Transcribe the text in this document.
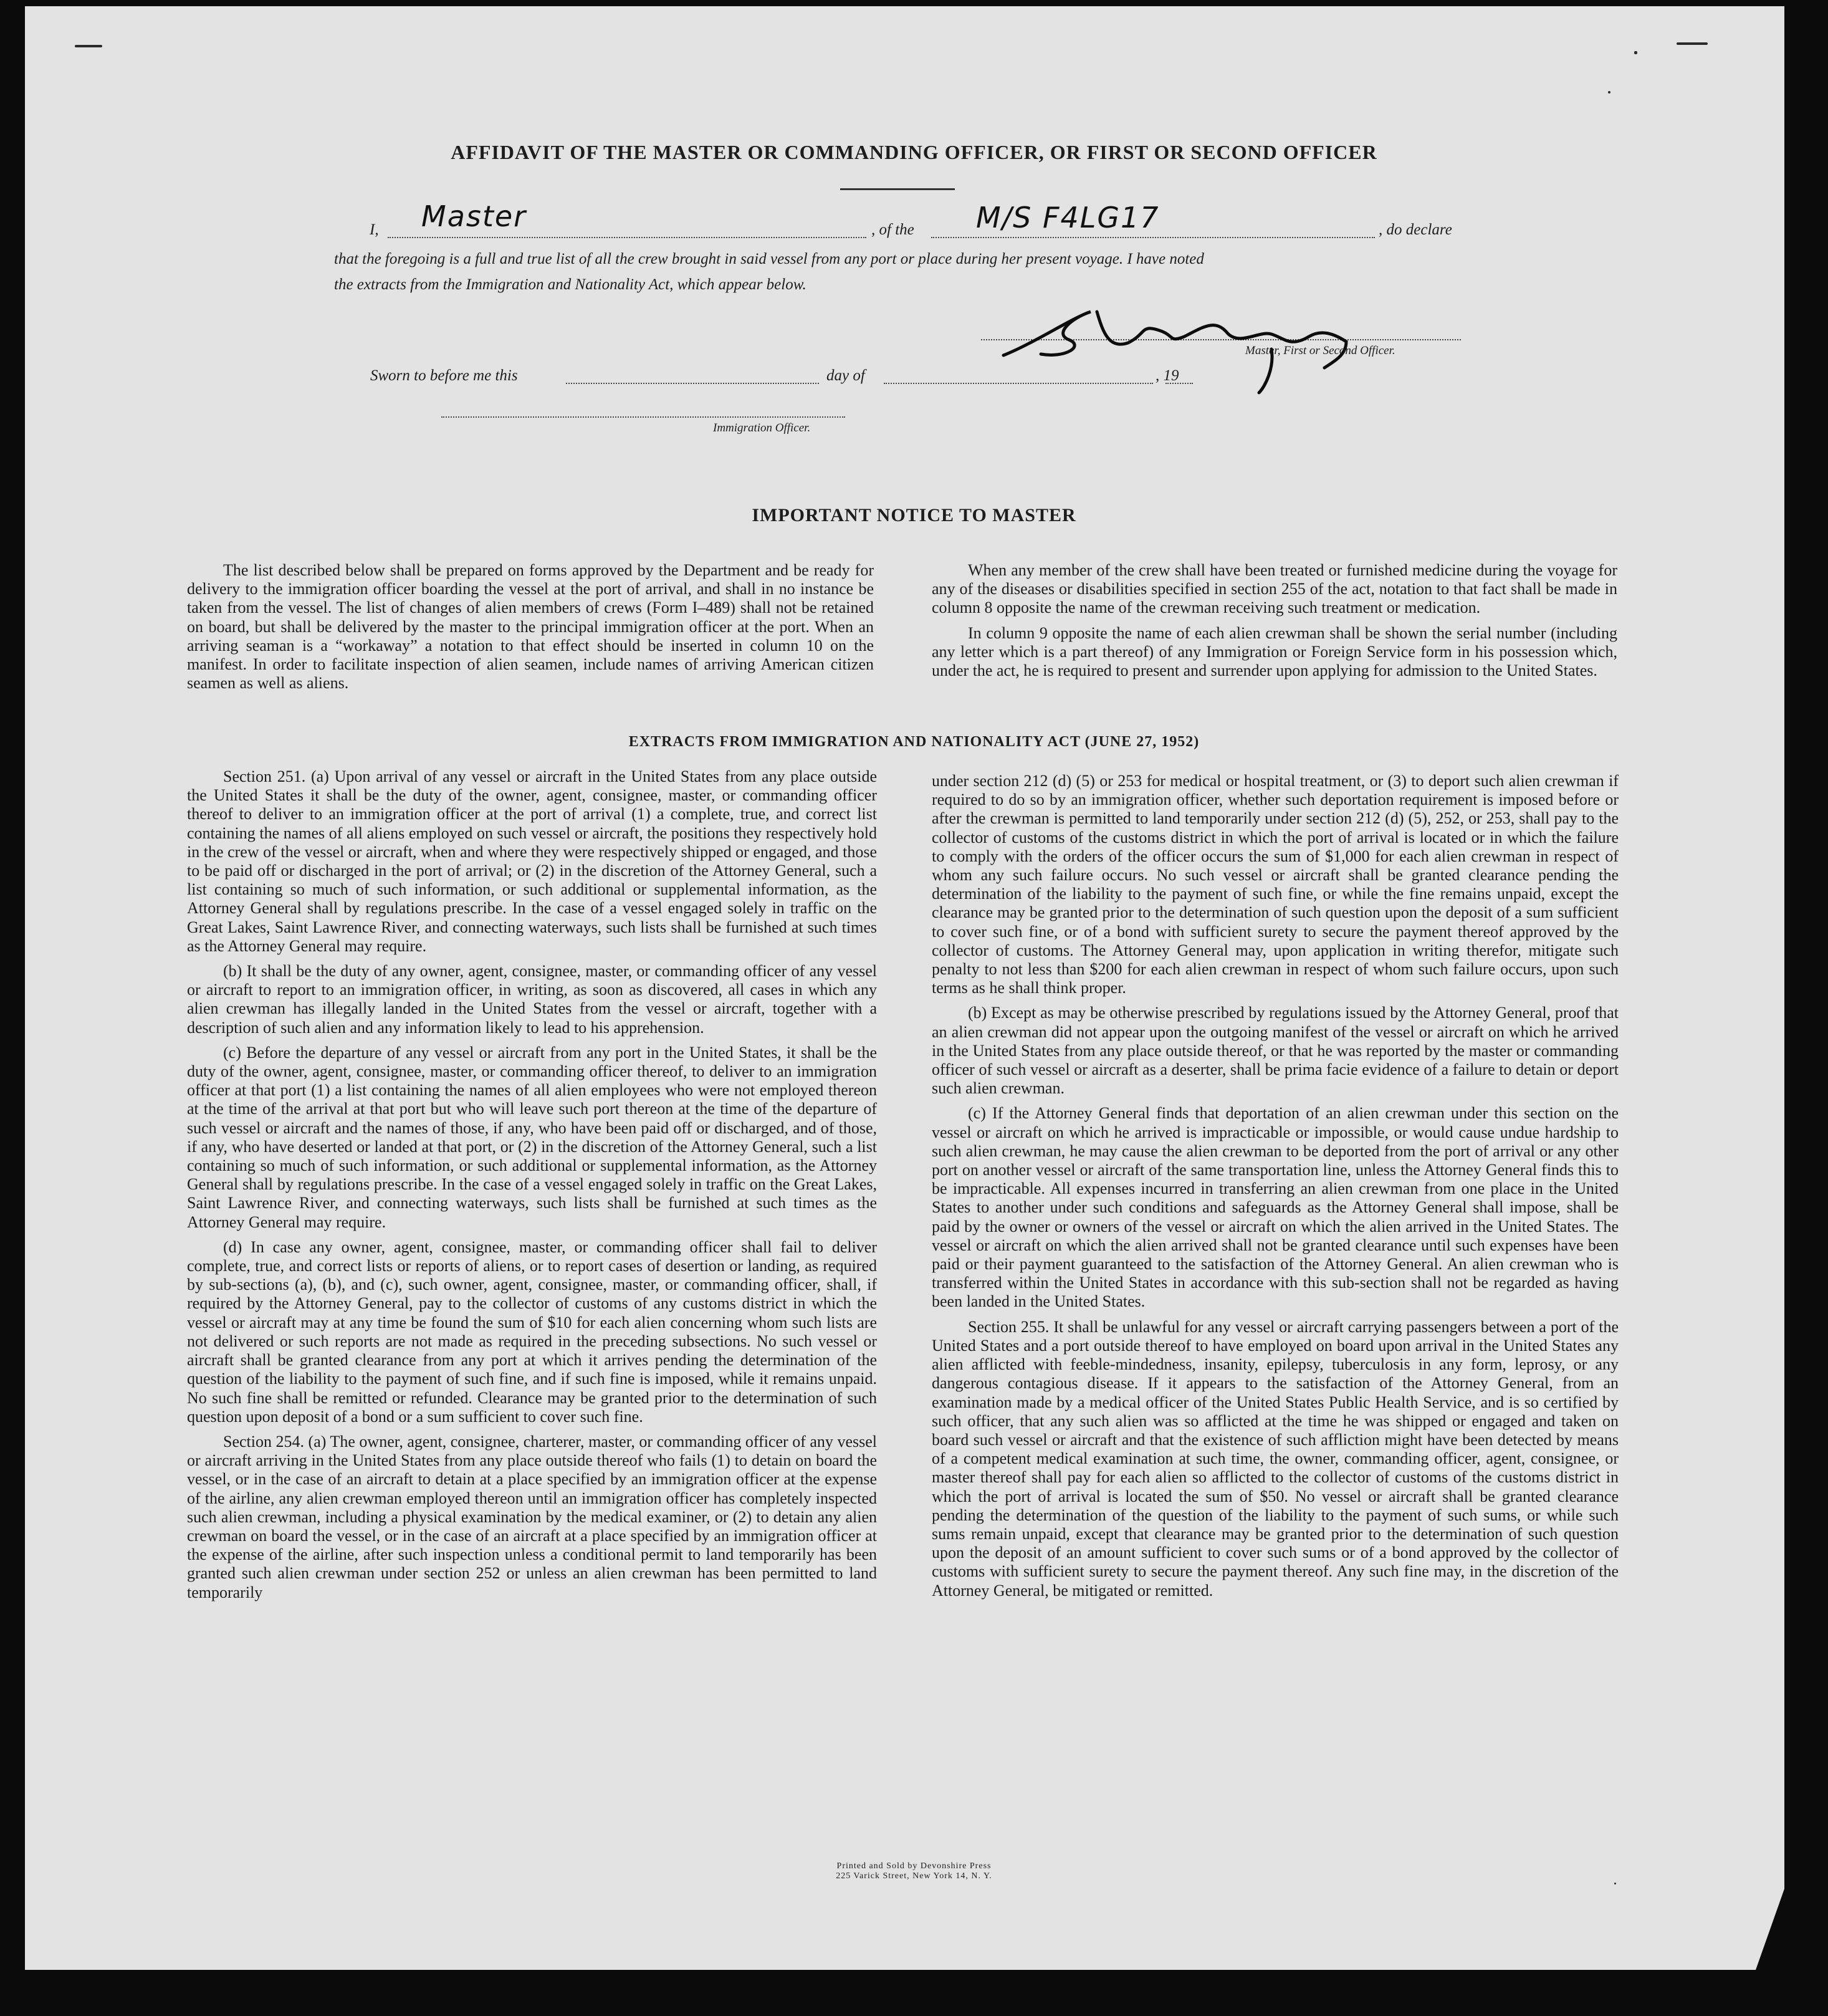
AFFIDAVIT OF THE MASTER OR COMMANDING OFFICER, OR FIRST OR SECOND OFFICER
I, Master	, of the M/S F4LG17	, do declare
that the foregoing is a full and true list of all the crew brought in said vessel from any port or place during her present voyage. I have noted
the extracts from the Immigration and Nationality Act, which appear below.
Master, First or Second Officer.
Sworn to before me this	day of	, 19
Immigration Officer.
IMPORTANT NOTICE TO MASTER

The list described below shall be prepared on forms approved by the Department and be ready for delivery to the immigration officer boarding the vessel at the port of arrival, and shall in no instance be taken from the vessel. The list of changes of alien members of crews (Form I–489) shall not be retained on board, but shall be delivered by the master to the principal immigration officer at the port. When an arriving seaman is a “workaway” a notation to that effect should be inserted in column 10 on the manifest. In order to facilitate inspection of alien seamen, include names of arriving American citizen seamen as well as aliens.

When any member of the crew shall have been treated or furnished medicine during the voyage for any of the diseases or disabilities specified in section 255 of the act, notation to that fact shall be made in column 8 opposite the name of the crewman receiving such treatment or medication.

In column 9 opposite the name of each alien crewman shall be shown the serial number (including any letter which is a part thereof) of any Immigration or Foreign Service form in his possession which, under the act, he is required to present and surrender upon applying for admission to the United States.

EXTRACTS FROM IMMIGRATION AND NATIONALITY ACT (JUNE 27, 1952)

Section 251. (a) Upon arrival of any vessel or aircraft in the United States from any place outside the United States it shall be the duty of the owner, agent, consignee, master, or commanding officer thereof to deliver to an immigration officer at the port of arrival (1) a complete, true, and correct list containing the names of all aliens employed on such vessel or aircraft, the positions they respectively hold in the crew of the vessel or aircraft, when and where they were respectively shipped or engaged, and those to be paid off or discharged in the port of arrival; or (2) in the discretion of the Attorney General, such a list containing so much of such information, or such additional or supplemental information, as the Attorney General shall by regulations prescribe. In the case of a vessel engaged solely in traffic on the Great Lakes, Saint Lawrence River, and connecting waterways, such lists shall be furnished at such times as the Attorney General may require.

(b) It shall be the duty of any owner, agent, consignee, master, or commanding officer of any vessel or aircraft to report to an immigration officer, in writing, as soon as discovered, all cases in which any alien crewman has illegally landed in the United States from the vessel or aircraft, together with a description of such alien and any information likely to lead to his apprehension.

(c) Before the departure of any vessel or aircraft from any port in the United States, it shall be the duty of the owner, agent, consignee, master, or commanding officer thereof, to deliver to an immigration officer at that port (1) a list containing the names of all alien employees who were not employed thereon at the time of the arrival at that port but who will leave such port thereon at the time of the departure of such vessel or aircraft and the names of those, if any, who have been paid off or discharged, and of those, if any, who have deserted or landed at that port, or (2) in the discretion of the Attorney General, such a list containing so much of such information, or such additional or supplemental information, as the Attorney General shall by regulations prescribe. In the case of a vessel engaged solely in traffic on the Great Lakes, Saint Lawrence River, and connecting waterways, such lists shall be furnished at such times as the Attorney General may require.

(d) In case any owner, agent, consignee, master, or commanding officer shall fail to deliver complete, true, and correct lists or reports of aliens, or to report cases of desertion or landing, as required by sub-sections (a), (b), and (c), such owner, agent, consignee, master, or commanding officer, shall, if required by the Attorney General, pay to the collector of customs of any customs district in which the vessel or aircraft may at any time be found the sum of $10 for each alien concerning whom such lists are not delivered or such reports are not made as required in the preceding subsections. No such vessel or aircraft shall be granted clearance from any port at which it arrives pending the determination of the question of the liability to the payment of such fine, and if such fine is imposed, while it remains unpaid. No such fine shall be remitted or refunded. Clearance may be granted prior to the determination of such question upon deposit of a bond or a sum sufficient to cover such fine.

Section 254. (a) The owner, agent, consignee, charterer, master, or commanding officer of any vessel or aircraft arriving in the United States from any place outside thereof who fails (1) to detain on board the vessel, or in the case of an aircraft to detain at a place specified by an immigration officer at the expense of the airline, any alien crewman employed thereon until an immigration officer has completely inspected such alien crewman, including a physical examination by the medical examiner, or (2) to detain any alien crewman on board the vessel, or in the case of an aircraft at a place specified by an immigration officer at the expense of the airline, after such inspection unless a conditional permit to land temporarily has been granted such alien crewman under section 252 or unless an alien crewman has been permitted to land temporarily

under section 212 (d) (5) or 253 for medical or hospital treatment, or (3) to deport such alien crewman if required to do so by an immigration officer, whether such deportation requirement is imposed before or after the crewman is permitted to land temporarily under section 212 (d) (5), 252, or 253, shall pay to the collector of customs of the customs district in which the port of arrival is located or in which the failure to comply with the orders of the officer occurs the sum of $1,000 for each alien crewman in respect of whom any such failure occurs. No such vessel or aircraft shall be granted clearance pending the determination of the liability to the payment of such fine, or while the fine remains unpaid, except the clearance may be granted prior to the determination of such question upon the deposit of a sum sufficient to cover such fine, or of a bond with sufficient surety to secure the payment thereof approved by the collector of customs. The Attorney General may, upon application in writing therefor, mitigate such penalty to not less than $200 for each alien crewman in respect of whom such failure occurs, upon such terms as he shall think proper.

(b) Except as may be otherwise prescribed by regulations issued by the Attorney General, proof that an alien crewman did not appear upon the outgoing manifest of the vessel or aircraft on which he arrived in the United States from any place outside thereof, or that he was reported by the master or commanding officer of such vessel or aircraft as a deserter, shall be prima facie evidence of a failure to detain or deport such alien crewman.

(c) If the Attorney General finds that deportation of an alien crewman under this section on the vessel or aircraft on which he arrived is impracticable or impossible, or would cause undue hardship to such alien crewman, he may cause the alien crewman to be deported from the port of arrival or any other port on another vessel or aircraft of the same transportation line, unless the Attorney General finds this to be impracticable. All expenses incurred in transferring an alien crewman from one place in the United States to another under such conditions and safeguards as the Attorney General shall impose, shall be paid by the owner or owners of the vessel or aircraft on which the alien arrived in the United States. The vessel or aircraft on which the alien arrived shall not be granted clearance until such expenses have been paid or their payment guaranteed to the satisfaction of the Attorney General. An alien crewman who is transferred within the United States in accordance with this sub-section shall not be regarded as having been landed in the United States.

Section 255. It shall be unlawful for any vessel or aircraft carrying passengers between a port of the United States and a port outside thereof to have employed on board upon arrival in the United States any alien afflicted with feeble-mindedness, insanity, epilepsy, tuberculosis in any form, leprosy, or any dangerous contagious disease. If it appears to the satisfaction of the Attorney General, from an examination made by a medical officer of the United States Public Health Service, and is so certified by such officer, that any such alien was so afflicted at the time he was shipped or engaged and taken on board such vessel or aircraft and that the existence of such affliction might have been detected by means of a competent medical examination at such time, the owner, commanding officer, agent, consignee, or master thereof shall pay for each alien so afflicted to the collector of customs of the customs district in which the port of arrival is located the sum of $50. No vessel or aircraft shall be granted clearance pending the determination of the question of the liability to the payment of such sums, or while such sums remain unpaid, except that clearance may be granted prior to the determination of such question upon the deposit of an amount sufficient to cover such sums or of a bond approved by the collector of customs with sufficient surety to secure the payment thereof. Any such fine may, in the discretion of the Attorney General, be mitigated or remitted.

Printed and Sold by Devonshire Press
225 Varick Street, New York 14, N. Y.
